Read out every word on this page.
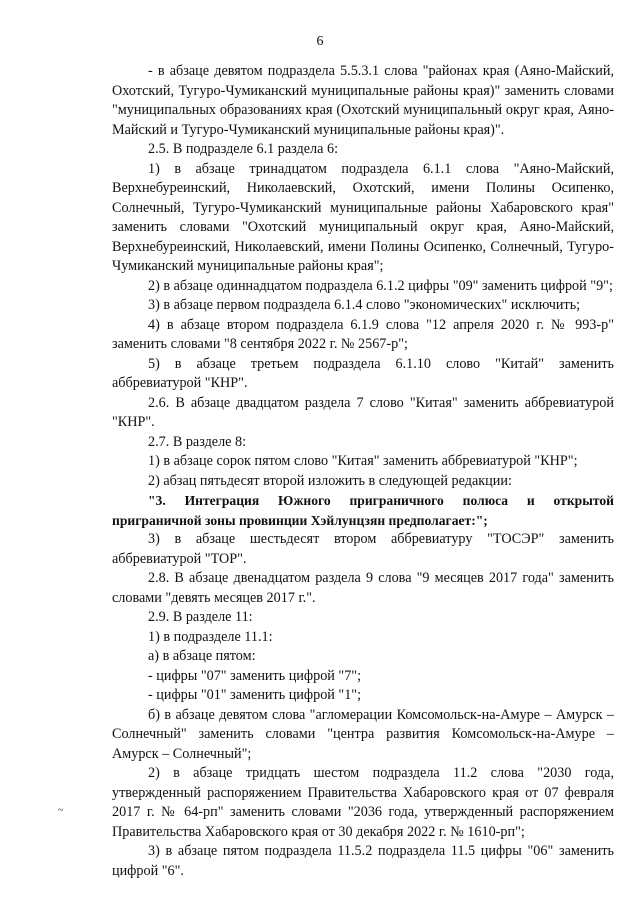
6

- в абзаце девятом подраздела 5.5.3.1 слова "районах края (Аяно-Майский, Охотский, Тугуро-Чумиканский муниципальные районы края)" заменить словами "муниципальных образованиях края (Охотский муниципальный округ края, Аяно-Майский и Тугуро-Чумиканский муниципальные районы края)".

2.5. В подразделе 6.1 раздела 6:

1) в абзаце тринадцатом подраздела 6.1.1 слова "Аяно-Майский, Верхнебуреинский, Николаевский, Охотский, имени Полины Осипенко, Солнечный, Тугуро-Чумиканский муниципальные районы Хабаровского края" заменить словами "Охотский муниципальный округ края, Аяно-Майский, Верхнебуреинский, Николаевский, имени Полины Осипенко, Солнечный, Тугуро-Чумиканский муниципальные районы края";

2) в абзаце одиннадцатом подраздела 6.1.2 цифры "09" заменить цифрой "9";

3) в абзаце первом подраздела 6.1.4 слово "экономических" исключить;

4) в абзаце втором подраздела 6.1.9 слова "12 апреля 2020 г. № 993-р" заменить словами "8 сентября 2022 г. № 2567-р";

5) в абзаце третьем подраздела 6.1.10 слово "Китай" заменить аббревиатурой "КНР".

2.6. В абзаце двадцатом раздела 7 слово "Китая" заменить аббревиатурой "КНР".

2.7. В разделе 8:

1) в абзаце сорок пятом слово "Китая" заменить аббревиатурой "КНР";

2) абзац пятьдесят второй изложить в следующей редакции:

"3. Интеграция Южного приграничного полюса и открытой приграничной зоны провинции Хэйлунцзян предполагает:";

3) в абзаце шестьдесят втором аббревиатуру "ТОСЭР" заменить аббревиатурой "ТОР".

2.8. В абзаце двенадцатом раздела 9 слова "9 месяцев 2017 года" заменить словами "девять месяцев 2017 г.".

2.9. В разделе 11:

1) в подразделе 11.1:

а) в абзаце пятом:

- цифры "07" заменить цифрой "7";

- цифры "01" заменить цифрой "1";

б) в абзаце девятом слова "агломерации Комсомольск-на-Амуре – Амурск – Солнечный" заменить словами "центра развития Комсомольск-на-Амуре – Амурск – Солнечный";

2) в абзаце тридцать шестом подраздела 11.2 слова "2030 года, утвержденный распоряжением Правительства Хабаровского края от 07 февраля 2017 г. № 64-рп" заменить словами "2036 года, утвержденный распоряжением Правительства Хабаровского края от 30 декабря 2022 г. № 1610-рп";

3) в абзаце пятом подраздела 11.5.2 подраздела 11.5 цифры "06" заменить цифрой "6".

~
